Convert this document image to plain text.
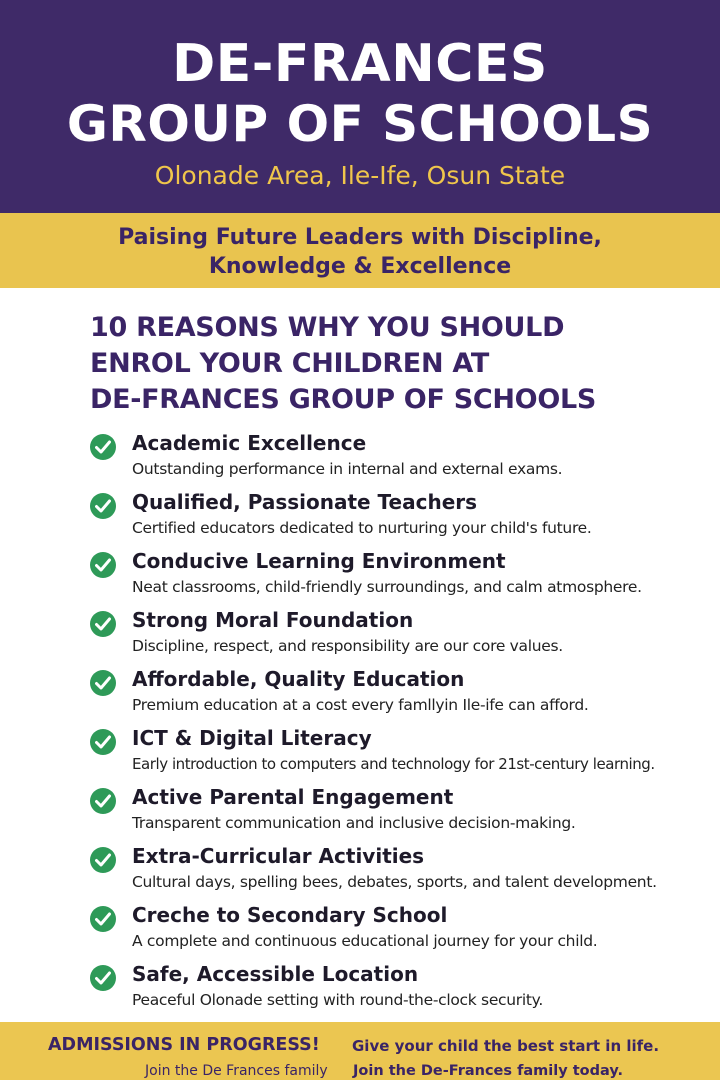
DE-FRANCES
GROUP OF SCHOOLS
Olonade Area, Ile-Ife, Osun State
Paising Future Leaders with Discipline,
Knowledge & Excellence
10 REASONS WHY YOU SHOULD
ENROL YOUR CHILDREN AT
DE-FRANCES GROUP OF SCHOOLS
Academic Excellence
Outstanding performance in internal and external exams.
Qualified, Passionate Teachers
Certified educators dedicated to nurturing your child's future.
Conducive Learning Environment
Neat classrooms, child-friendly surroundings, and calm atmosphere.
Strong Moral Foundation
Discipline, respect, and responsibility are our core values.
Affordable, Quality Education
Premium education at a cost every famllyin Ile-ife can afford.
ICT & Digital Literacy
Early introduction to computers and technology for 21st-century learning.
Active Parental Engagement
Transparent communication and inclusive decision-making.
Extra-Curricular Activities
Cultural days, spelling bees, debates, sports, and talent development.
Creche to Secondary School
A complete and continuous educational journey for your child.
Safe, Accessible Location
Peaceful Olonade setting with round-the-clock security.
ADMISSIONS IN PROGRESS! Give your child the best start in life.
Join the De Frances family Join the De-Frances family today.
